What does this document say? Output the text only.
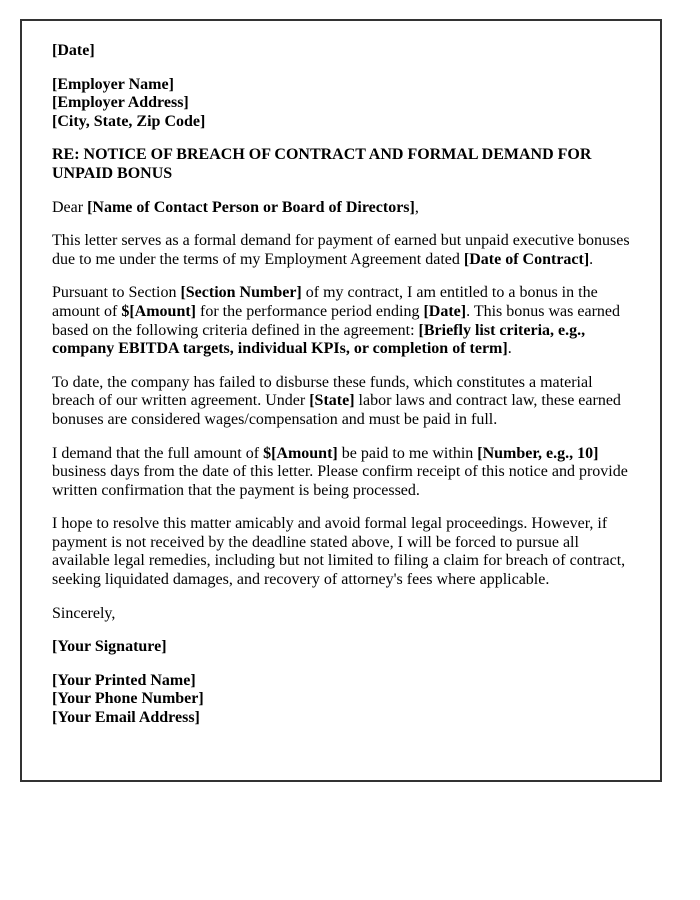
[Date]

[Employer Name]
[Employer Address]
[City, State, Zip Code]

RE: NOTICE OF BREACH OF CONTRACT AND FORMAL DEMAND FOR UNPAID BONUS

Dear [Name of Contact Person or Board of Directors],

This letter serves as a formal demand for payment of earned but unpaid executive bonuses due to me under the terms of my Employment Agreement dated [Date of Contract].

Pursuant to Section [Section Number] of my contract, I am entitled to a bonus in the amount of $[Amount] for the performance period ending [Date]. This bonus was earned based on the following criteria defined in the agreement: [Briefly list criteria, e.g., company EBITDA targets, individual KPIs, or completion of term].

To date, the company has failed to disburse these funds, which constitutes a material breach of our written agreement. Under [State] labor laws and contract law, these earned bonuses are considered wages/compensation and must be paid in full.

I demand that the full amount of $[Amount] be paid to me within [Number, e.g., 10] business days from the date of this letter. Please confirm receipt of this notice and provide written confirmation that the payment is being processed.

I hope to resolve this matter amicably and avoid formal legal proceedings. However, if payment is not received by the deadline stated above, I will be forced to pursue all available legal remedies, including but not limited to filing a claim for breach of contract, seeking liquidated damages, and recovery of attorney's fees where applicable.

Sincerely,

[Your Signature]

[Your Printed Name]
[Your Phone Number]
[Your Email Address]
